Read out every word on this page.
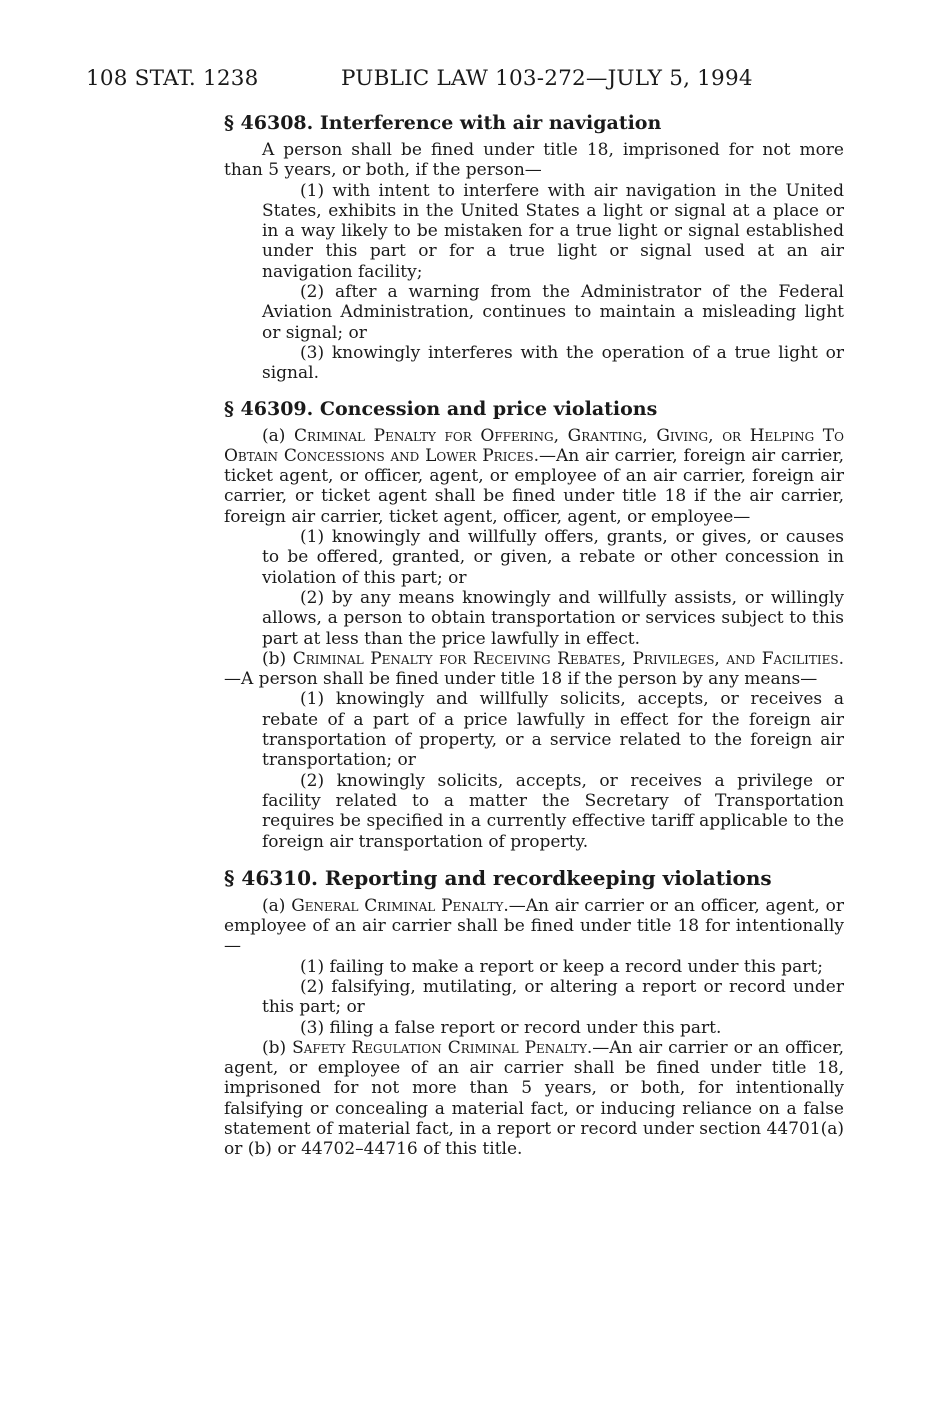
108 STAT. 1238	PUBLIC LAW 103-272—JULY 5, 1994
§ 46308. Interference with air navigation

A person shall be fined under title 18, imprisoned for not more than 5 years, or both, if the person—

(1) with intent to interfere with air navigation in the United States, exhibits in the United States a light or signal at a place or in a way likely to be mistaken for a true light or signal established under this part or for a true light or signal used at an air navigation facility;

(2) after a warning from the Administrator of the Federal Aviation Administration, continues to maintain a misleading light or signal; or

(3) knowingly interferes with the operation of a true light or signal.

§ 46309. Concession and price violations

(a) Criminal Penalty for Offering, Granting, Giving, or Helping To Obtain Concessions and Lower Prices.—An air carrier, foreign air carrier, ticket agent, or officer, agent, or employee of an air carrier, foreign air carrier, or ticket agent shall be fined under title 18 if the air carrier, foreign air carrier, ticket agent, officer, agent, or employee—

(1) knowingly and willfully offers, grants, or gives, or causes to be offered, granted, or given, a rebate or other concession in violation of this part; or

(2) by any means knowingly and willfully assists, or willingly allows, a person to obtain transportation or services subject to this part at less than the price lawfully in effect.

(b) Criminal Penalty for Receiving Rebates, Privileges, and Facilities.—A person shall be fined under title 18 if the person by any means—

(1) knowingly and willfully solicits, accepts, or receives a rebate of a part of a price lawfully in effect for the foreign air transportation of property, or a service related to the foreign air transportation; or

(2) knowingly solicits, accepts, or receives a privilege or facility related to a matter the Secretary of Transportation requires be specified in a currently effective tariff applicable to the foreign air transportation of property.

§ 46310. Reporting and recordkeeping violations

(a) General Criminal Penalty.—An air carrier or an officer, agent, or employee of an air carrier shall be fined under title 18 for intentionally—

(1) failing to make a report or keep a record under this part;

(2) falsifying, mutilating, or altering a report or record under this part; or

(3) filing a false report or record under this part.

(b) Safety Regulation Criminal Penalty.—An air carrier or an officer, agent, or employee of an air carrier shall be fined under title 18, imprisoned for not more than 5 years, or both, for intentionally falsifying or concealing a material fact, or inducing reliance on a false statement of material fact, in a report or record under section 44701(a) or (b) or 44702–44716 of this title.
